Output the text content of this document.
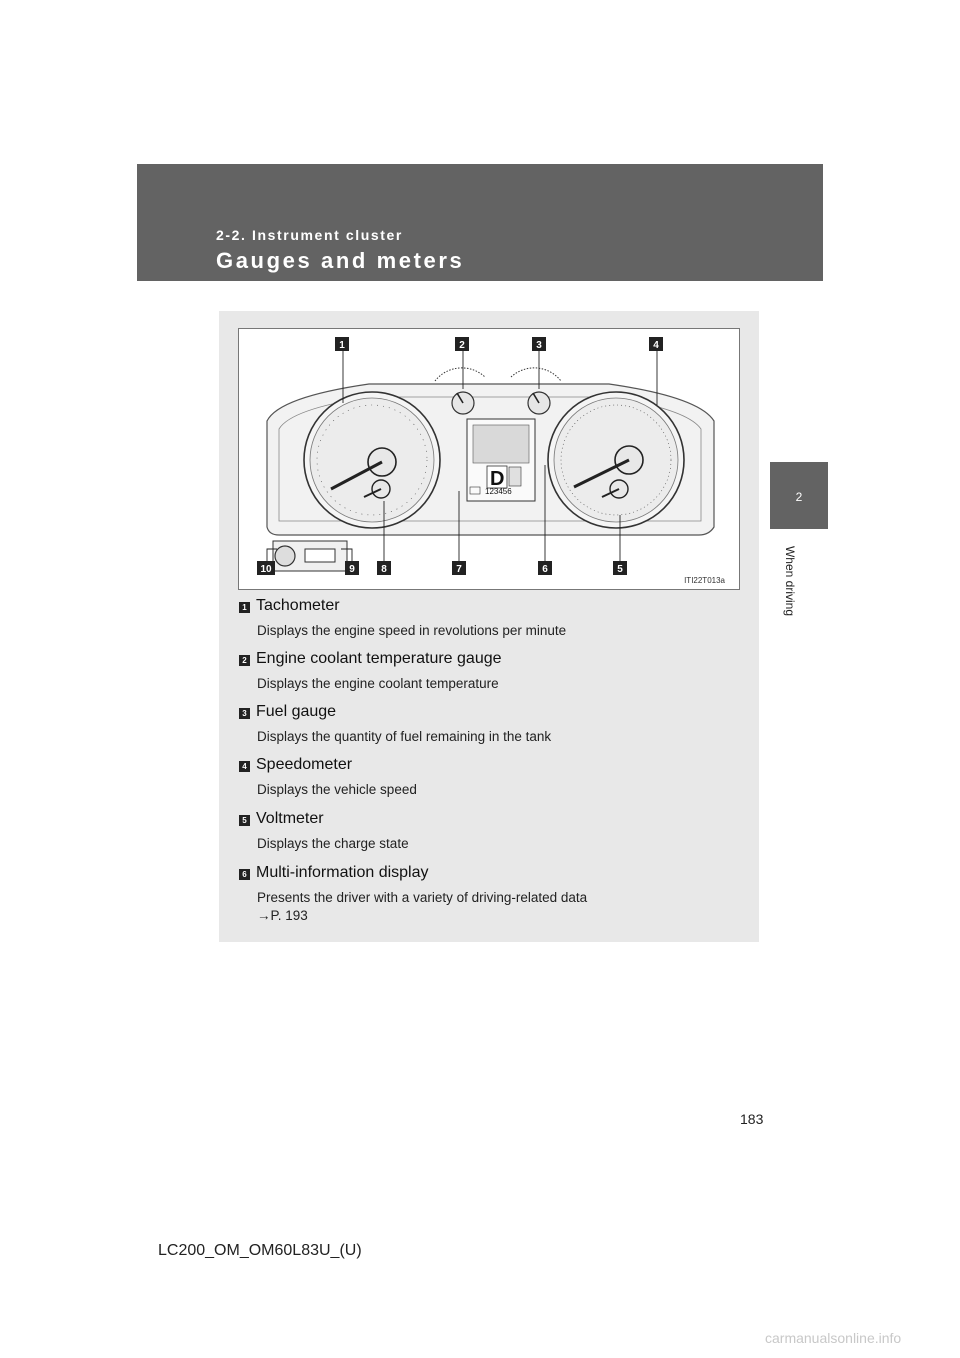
2-2. Instrument cluster
Gauges and meters
2
When driving
D
123456
1	2	3	4
5
6
7
8
9
10
ITI22T013a
1 Tachometer
Displays the engine speed in revolutions per minute
2 Engine coolant temperature gauge
Displays the engine coolant temperature
3 Fuel gauge
Displays the quantity of fuel remaining in the tank
4 Speedometer
Displays the vehicle speed
5 Voltmeter
Displays the charge state
6 Multi-information display
Presents the driver with a variety of driving-related data
→P. 193
183
LC200_OM_OM60L83U_(U)
carmanualsonline.info
